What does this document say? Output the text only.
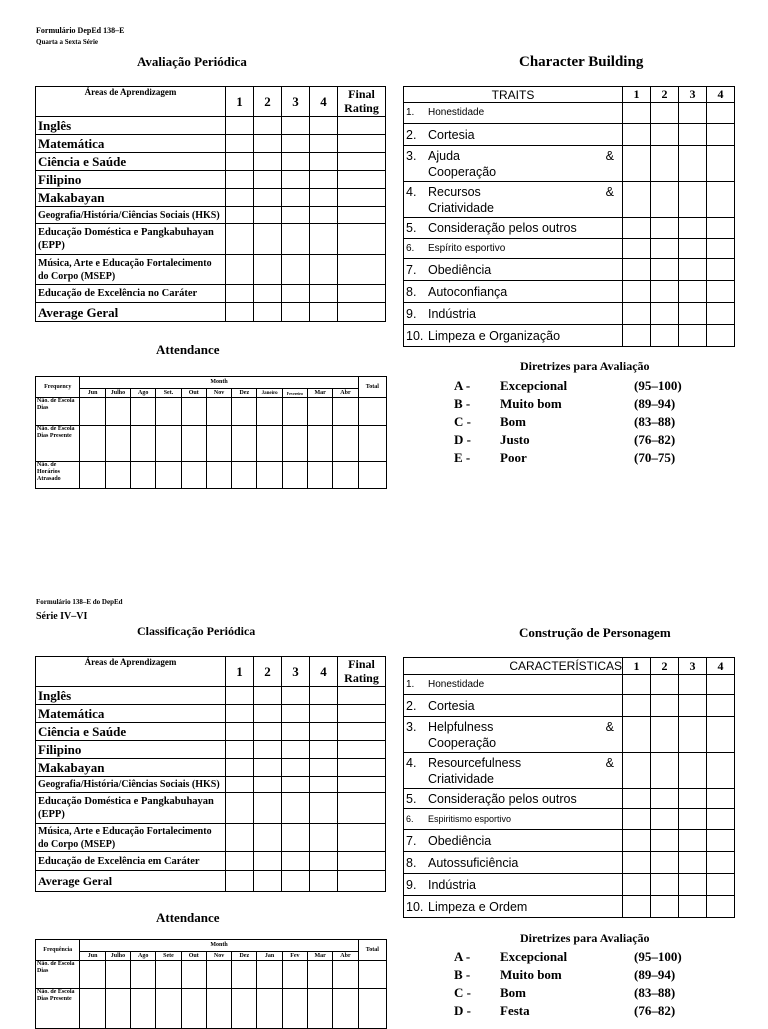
Formulário DepEd 138–E
Quarta a Sexta Série
Avaliação Periódica	Character Building
Áreas de Aprendizagem	1	2	3	4	Final Rating
Inglês					
Matemática					
Ciência e Saúde					
Filipino					
Makabayan					
Geografia/História/Ciências Sociais (HKS)					
Educação Doméstica e Pangkabuhayan (EPP)					
Música, Arte e Educação Fortalecimento do Corpo (MSEP)					
Educação de Excelência no Caráter					
Average Geral					
TRAITS	1	2	3	4
1. Honestidade				
2. Cortesia				

3. Ajuda &
Cooperação				

4. Recursos &
Criatividade				

5. Consideração pelos outros				
6. Espírito esportivo				
7. Obediência				
8. Autoconfiança				
9. Indústria				
10. Limpeza e Organização				
Attendance
Frequency	Month											Total
	Jun	Julho	Ago	Set.	Out	Nov	Dez	Janeiro	Fevereiro	Mar	Abr	
Não. de Escola Dias												
Não. de Escola Dias Presente												
Não. de Horários Atrasado												
Diretrizes para Avaliação
A - Excepcional	(95–100)
B - Muito bom	(89–94)
C - Bom	(83–88)
D - Justo	(76–82)
E - Poor	(70–75)
Formulário 138–E do DepEd
Série IV–VI
Classificação Periódica	Construção de Personagem
Áreas de Aprendizagem	1	2	3	4	Final Rating
Inglês					
Matemática					
Ciência e Saúde					
Filipino					
Makabayan					
Geografia/História/Ciências Sociais (HKS)					
Educação Doméstica e Pangkabuhayan (EPP)					
Música, Arte e Educação Fortalecimento do Corpo (MSEP)					
Educação de Excelência em Caráter					
Average Geral					
CARACTERÍSTICAS	1	2	3	4
1. Honestidade				
2. Cortesia				

3. Helpfulness &
Cooperação				

4. Resourcefulness &
Criatividade				

5. Consideração pelos outros				
6. Espiritismo esportivo				
7. Obediência				
8. Autossuficiência				
9. Indústria				
10. Limpeza e Ordem				
Attendance
Frequência	Month											Total
	Jun	Julho	Ago	Sete	Out	Nov	Dez	Jan	Fev	Mar	Abr	
Não. de Escola Dias												
Não. de Escola Dias Presente												
Diretrizes para Avaliação
A - Excepcional	(95–100)
B - Muito bom	(89–94)
C - Bom	(83–88)
D - Festa	(76–82)
